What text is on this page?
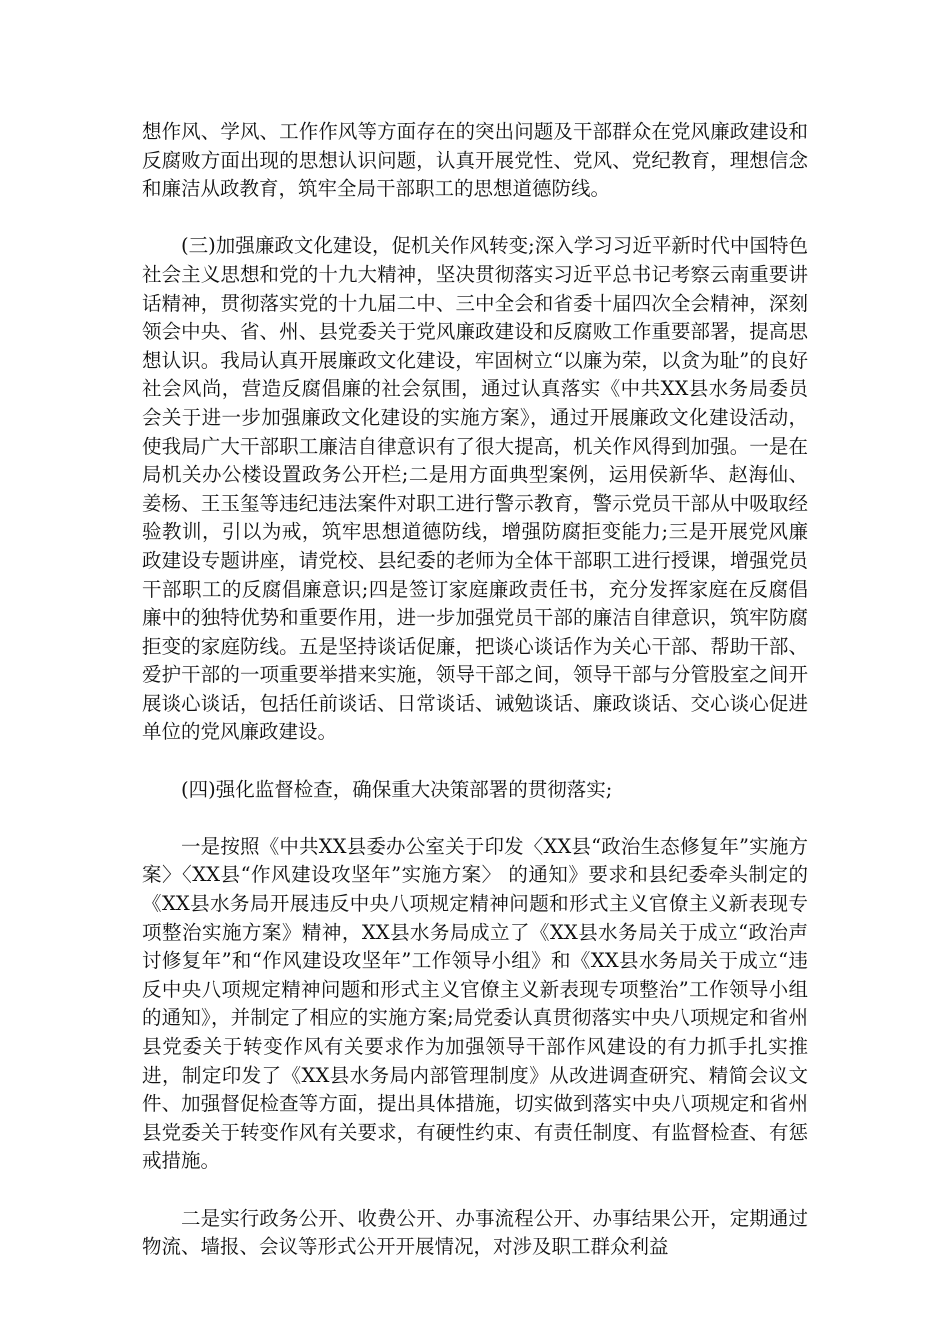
想作风、学风、工作作风等方面存在的突出问题及干部群众在党风廉政建设和反腐败方面出现的思想认识问题，认真开展党性、党风、党纪教育，理想信念和廉洁从政教育，筑牢全局干部职工的思想道德防线。

(三)加强廉政文化建设，促机关作风转变;深入学习习近平新时代中国特色社会主义思想和党的十九大精神，坚决贯彻落实习近平总书记考察云南重要讲话精神，贯彻落实党的十九届二中、三中全会和省委十届四次全会精神，深刻领会中央、省、州、县党委关于党风廉政建设和反腐败工作重要部署，提高思想认识。我局认真开展廉政文化建设，牢固树立“以廉为荣，以贪为耻”的良好社会风尚，营造反腐倡廉的社会氛围，通过认真落实《中共XX县水务局委员会关于进一步加强廉政文化建设的实施方案》，通过开展廉政文化建设活动，使我局广大干部职工廉洁自律意识有了很大提高，机关作风得到加强。一是在局机关办公楼设置政务公开栏;二是用方面典型案例，运用侯新华、赵海仙、姜杨、王玉玺等违纪违法案件对职工进行警示教育，警示党员干部从中吸取经验教训，引以为戒，筑牢思想道德防线，增强防腐拒变能力;三是开展党风廉政建设专题讲座，请党校、县纪委的老师为全体干部职工进行授课，增强党员干部职工的反腐倡廉意识;四是签订家庭廉政责任书，充分发挥家庭在反腐倡廉中的独特优势和重要作用，进一步加强党员干部的廉洁自律意识，筑牢防腐拒变的家庭防线。五是坚持谈话促廉，把谈心谈话作为关心干部、帮助干部、爱护干部的一项重要举措来实施，领导干部之间，领导干部与分管股室之间开展谈心谈话，包括任前谈话、日常谈话、诫勉谈话、廉政谈话、交心谈心促进单位的党风廉政建设。

(四)强化监督检查，确保重大决策部署的贯彻落实;

一是按照《中共XX县委办公室关于印发〈XX县“政治生态修复年”实施方案〉〈XX县“作风建设攻坚年”实施方案〉 的通知》要求和县纪委牵头制定的《XX县水务局开展违反中央八项规定精神问题和形式主义官僚主义新表现专项整治实施方案》精神，XX县水务局成立了《XX县水务局关于成立“政治声讨修复年”和“作风建设攻坚年”工作领导小组》和《XX县水务局关于成立“违反中央八项规定精神问题和形式主义官僚主义新表现专项整治”工作领导小组的通知》，并制定了相应的实施方案;局党委认真贯彻落实中央八项规定和省州县党委关于转变作风有关要求作为加强领导干部作风建设的有力抓手扎实推进，制定印发了《XX县水务局内部管理制度》从改进调查研究、精简会议文件、加强督促检查等方面，提出具体措施，切实做到落实中央八项规定和省州县党委关于转变作风有关要求，有硬性约束、有责任制度、有监督检查、有惩戒措施。

二是实行政务公开、收费公开、办事流程公开、办事结果公开，定期通过物流、墙报、会议等形式公开开展情况，对涉及职工群众利益
